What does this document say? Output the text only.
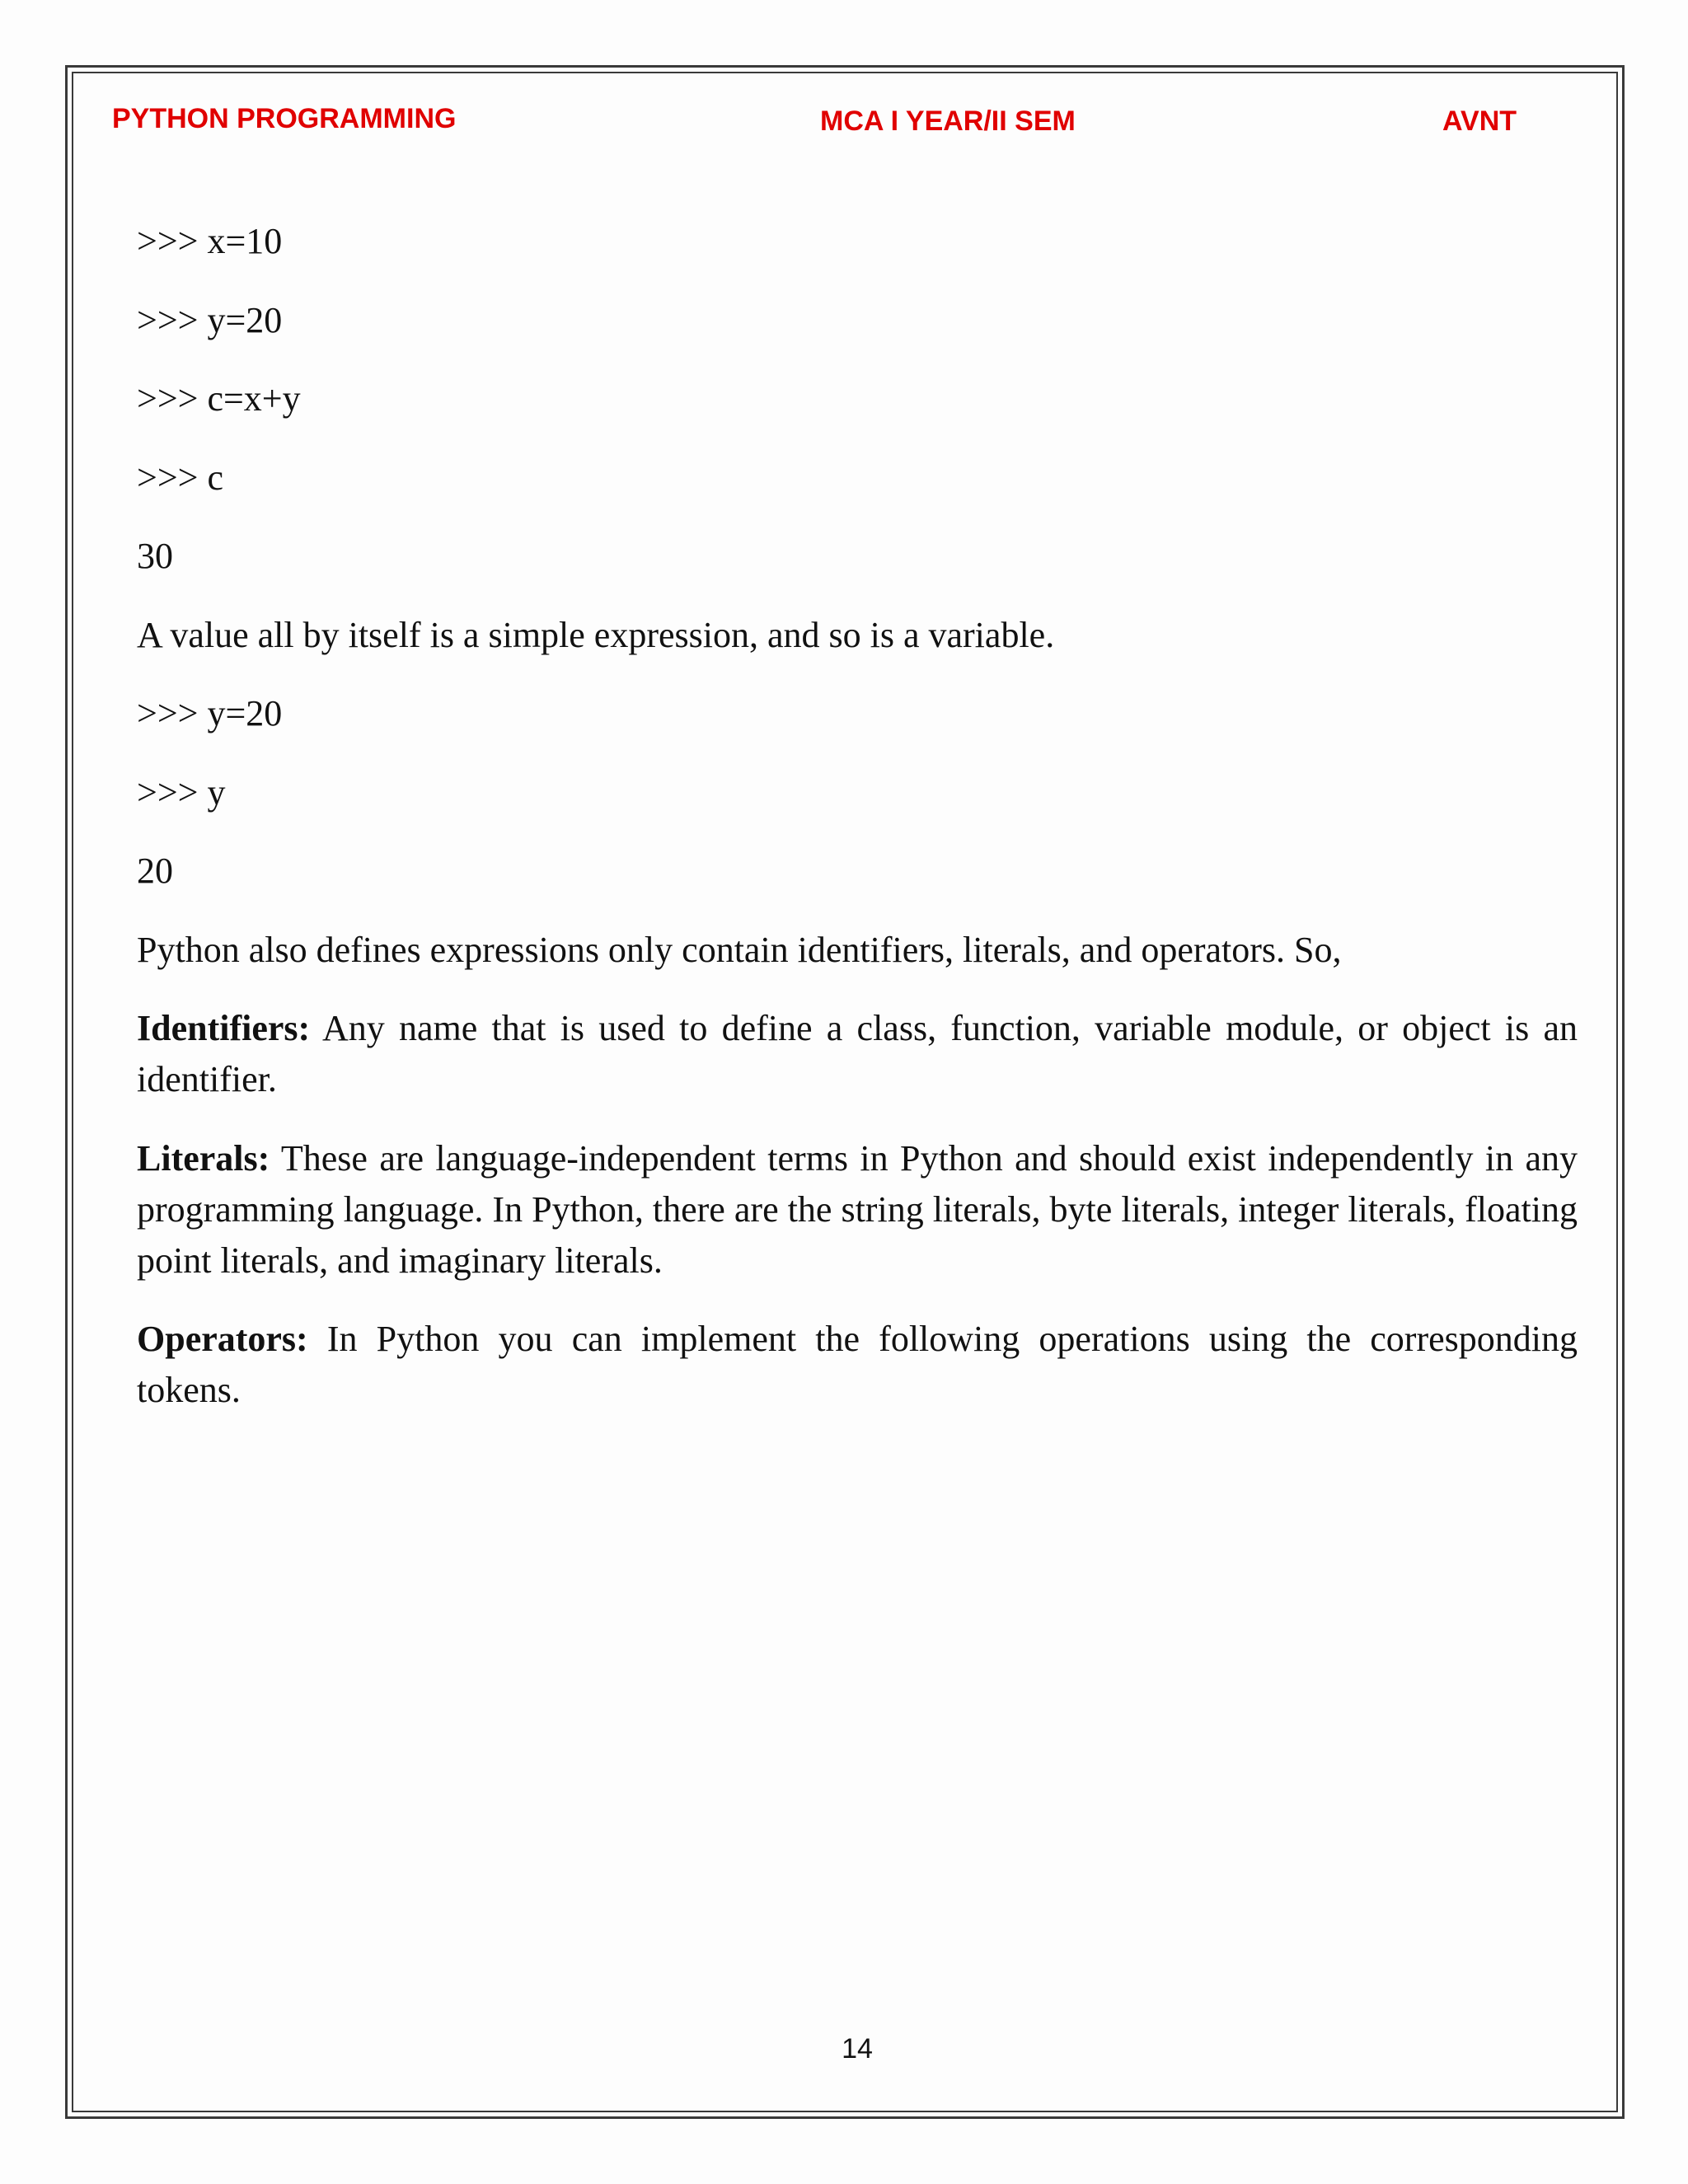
PYTHON PROGRAMMING	MCA I YEAR/II SEM	AVNT

>>> x=10

>>> y=20

>>> c=x+y

>>> c

30

A value all by itself is a simple expression, and so is a variable.

>>> y=20

>>> y

20

Python also defines expressions only contain identifiers, literals, and operators. So,

Identifiers: Any name that is used to define a class, function, variable module, or object is an identifier.

Literals: These are language-independent terms in Python and should exist independently in any programming language. In Python, there are the string literals, byte literals, integer literals, floating point literals, and imaginary literals.

Operators: In Python you can implement the following operations using the corresponding tokens.

14
